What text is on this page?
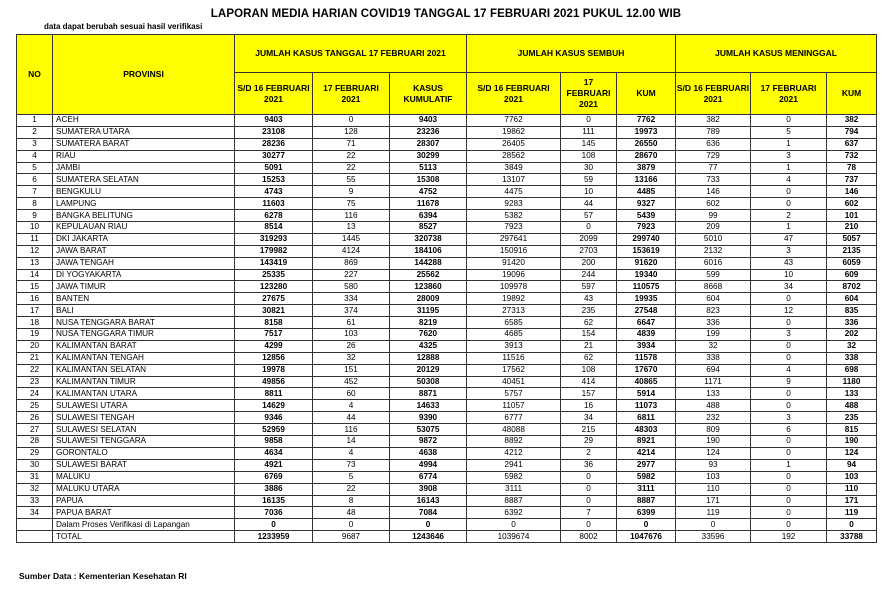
LAPORAN MEDIA HARIAN COVID19 TANGGAL 17 FEBRUARI 2021 PUKUL 12.00 WIB
data dapat berubah sesuai hasil verifikasi
NO	PROVINSI	JUMLAH KASUS TANGGAL 17 FEBRUARI 2021			JUMLAH KASUS SEMBUH			JUMLAH KASUS MENINGGAL		
		S/D 16 FEBRUARI 2021	17 FEBRUARI 2021	KASUS KUMULATIF	S/D 16 FEBRUARI 2021	17 FEBRUARI 2021	KUM	S/D 16 FEBRUARI 2021	17 FEBRUARI 2021	KUM
1	ACEH	9403	0	9403	7762	0	7762	382	0	382
2	SUMATERA UTARA	23108	128	23236	19862	111	19973	789	5	794
3	SUMATERA BARAT	28236	71	28307	26405	145	26550	636	1	637
4	RIAU	30277	22	30299	28562	108	28670	729	3	732
5	JAMBI	5091	22	5113	3849	30	3879	77	1	78
6	SUMATERA SELATAN	15253	55	15308	13107	59	13166	733	4	737
7	BENGKULU	4743	9	4752	4475	10	4485	146	0	146
8	LAMPUNG	11603	75	11678	9283	44	9327	602	0	602
9	BANGKA BELITUNG	6278	116	6394	5382	57	5439	99	2	101
10	KEPULAUAN RIAU	8514	13	8527	7923	0	7923	209	1	210
11	DKI JAKARTA	319293	1445	320738	297641	2099	299740	5010	47	5057
12	JAWA BARAT	179982	4124	184106	150916	2703	153619	2132	3	2135
13	JAWA TENGAH	143419	869	144288	91420	200	91620	6016	43	6059
14	DI YOGYAKARTA	25335	227	25562	19096	244	19340	599	10	609
15	JAWA TIMUR	123280	580	123860	109978	597	110575	8668	34	8702
16	BANTEN	27675	334	28009	19892	43	19935	604	0	604
17	BALI	30821	374	31195	27313	235	27548	823	12	835
18	NUSA TENGGARA BARAT	8158	61	8219	6585	62	6647	336	0	336
19	NUSA TENGGARA TIMUR	7517	103	7620	4685	154	4839	199	3	202
20	KALIMANTAN BARAT	4299	26	4325	3913	21	3934	32	0	32
21	KALIMANTAN TENGAH	12856	32	12888	11516	62	11578	338	0	338
22	KALIMANTAN SELATAN	19978	151	20129	17562	108	17670	694	4	698
23	KALIMANTAN TIMUR	49856	452	50308	40451	414	40865	1171	9	1180
24	KALIMANTAN UTARA	8811	60	8871	5757	157	5914	133	0	133
25	SULAWESI UTARA	14629	4	14633	11057	16	11073	488	0	488
26	SULAWESI TENGAH	9346	44	9390	6777	34	6811	232	3	235
27	SULAWESI SELATAN	52959	116	53075	48088	215	48303	809	6	815
28	SULAWESI TENGGARA	9858	14	9872	8892	29	8921	190	0	190
29	GORONTALO	4634	4	4638	4212	2	4214	124	0	124
30	SULAWESI BARAT	4921	73	4994	2941	36	2977	93	1	94
31	MALUKU	6769	5	6774	5982	0	5982	103	0	103
32	MALUKU UTARA	3886	22	3908	3111	0	3111	110	0	110
33	PAPUA	16135	8	16143	8887	0	8887	171	0	171
34	PAPUA BARAT	7036	48	7084	6392	7	6399	119	0	119
	Dalam Proses Verifikasi di Lapangan	0	0	0	0	0	0	0	0	0
	TOTAL	1233959	9687	1243646	1039674	8002	1047676	33596	192	33788
Sumber Data : Kementerian Kesehatan RI
